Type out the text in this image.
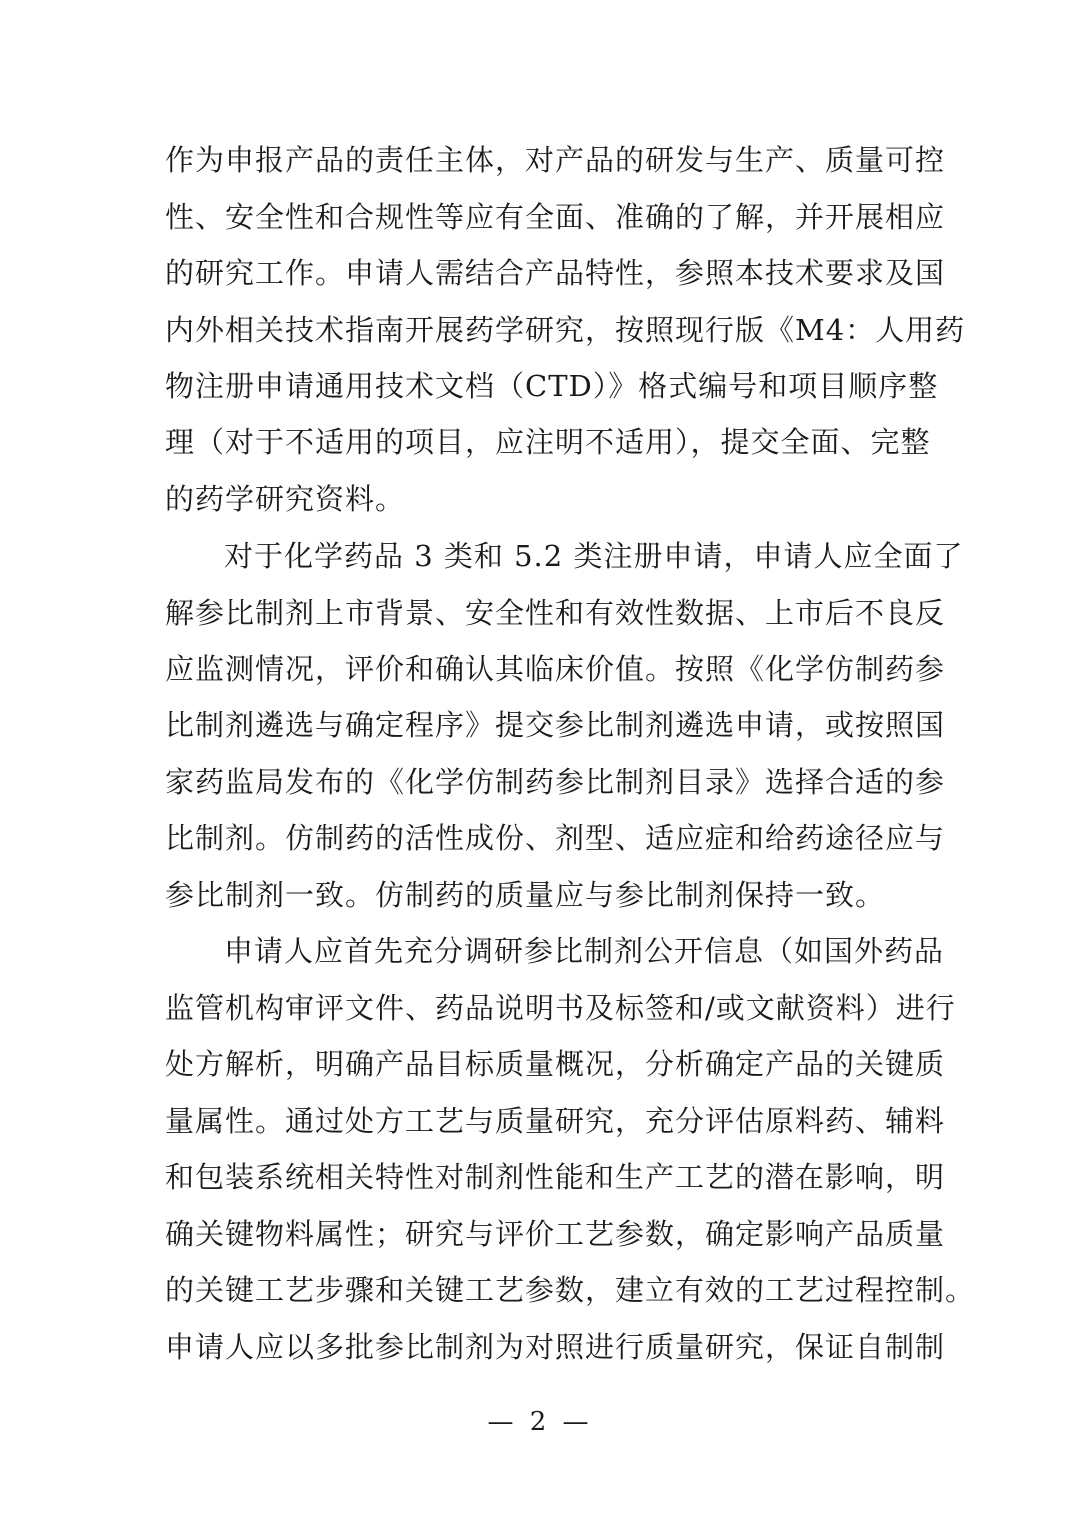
作为申报产品的责任主体，对产品的研发与生产、质量可控
性、安全性和合规性等应有全面、准确的了解，并开展相应
的研究工作。申请人需结合产品特性，参照本技术要求及国
内外相关技术指南开展药学研究，按照现行版《M4：人用药
物注册申请通用技术文档（CTD）》格式编号和项目顺序整
理（对于不适用的项目，应注明不适用），提交全面、完整
的药学研究资料。
对于化学药品 3 类和 5.2 类注册申请，申请人应全面了
解参比制剂上市背景、安全性和有效性数据、上市后不良反
应监测情况，评价和确认其临床价值。按照《化学仿制药参
比制剂遴选与确定程序》提交参比制剂遴选申请，或按照国
家药监局发布的《化学仿制药参比制剂目录》选择合适的参
比制剂。仿制药的活性成份、剂型、适应症和给药途径应与
参比制剂一致。仿制药的质量应与参比制剂保持一致。
申请人应首先充分调研参比制剂公开信息（如国外药品
监管机构审评文件、药品说明书及标签和/或文献资料）进行
处方解析，明确产品目标质量概况，分析确定产品的关键质
量属性。通过处方工艺与质量研究，充分评估原料药、辅料
和包装系统相关特性对制剂性能和生产工艺的潜在影响，明
确关键物料属性；研究与评价工艺参数，确定影响产品质量
的关键工艺步骤和关键工艺参数，建立有效的工艺过程控制。
申请人应以多批参比制剂为对照进行质量研究，保证自制制
— 2 —
